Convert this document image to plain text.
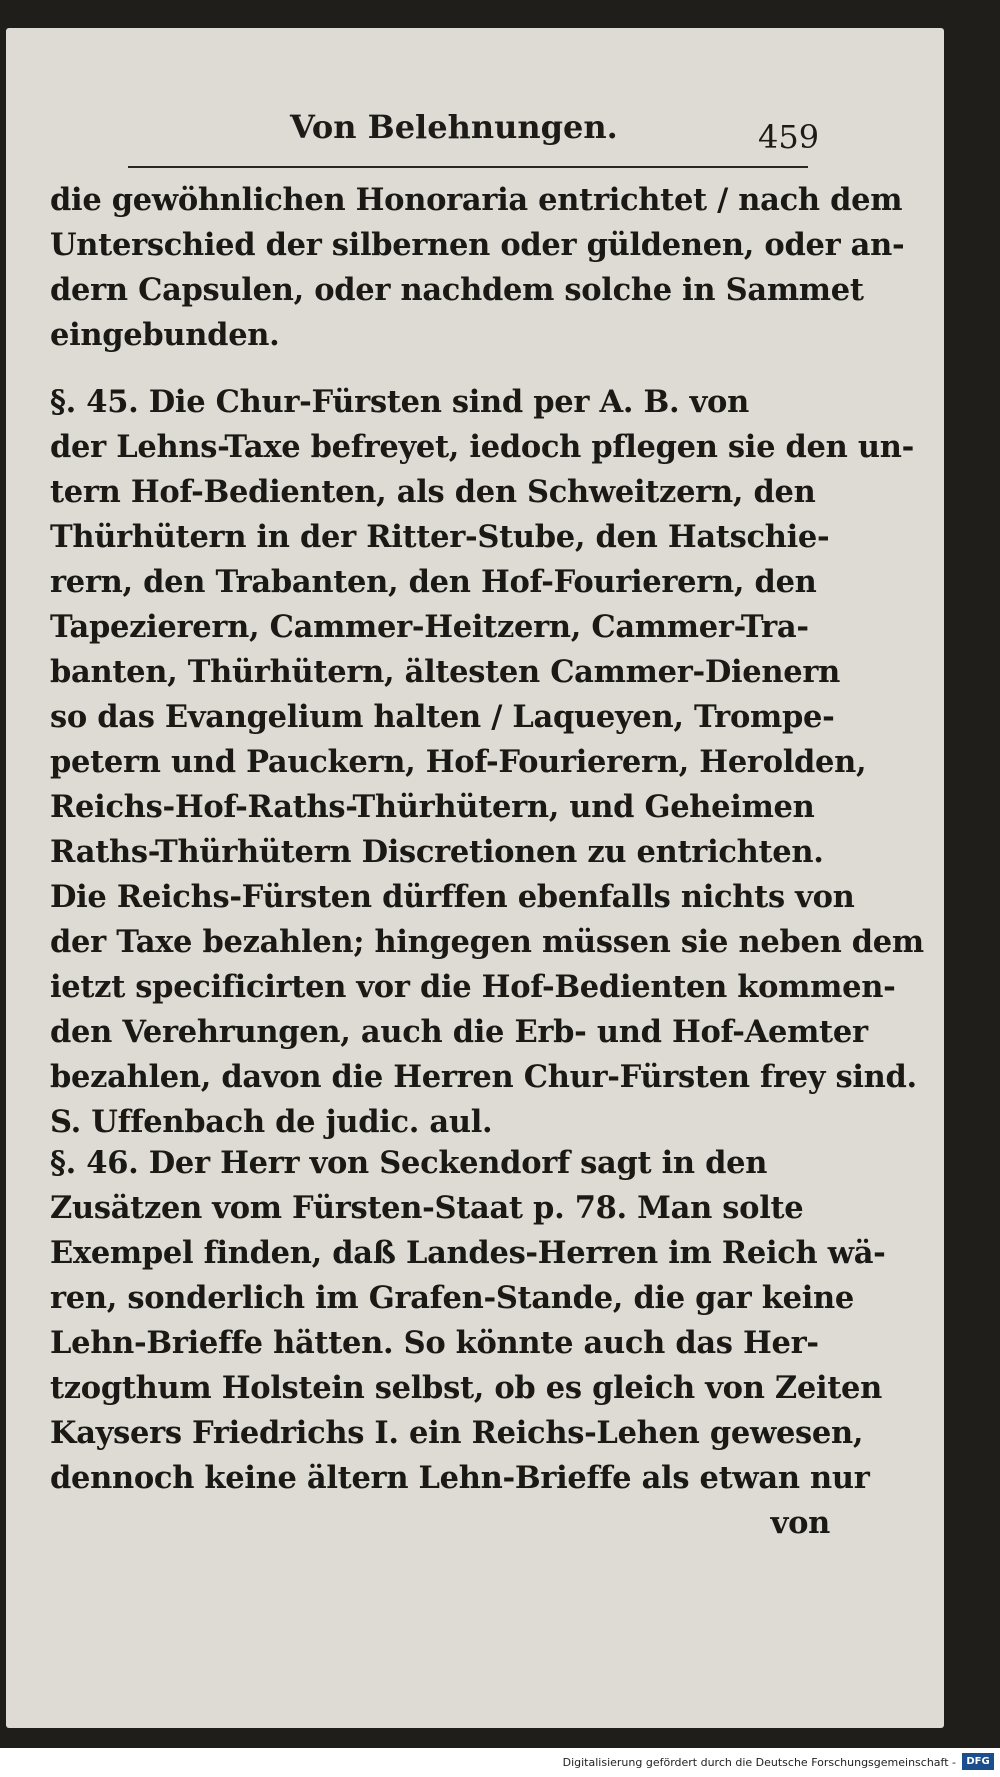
Von Belehnungen.	459
die gewöhnlichen Honoraria entrichtet / nach dem
Unterschied der silbernen oder güldenen, oder an-
dern Capsulen, oder nachdem solche in Sammet
eingebunden.
§. 45. Die Chur-Fürsten sind per A. B. von
der Lehns-Taxe befreyet, iedoch pflegen sie den un-
tern Hof-Bedienten, als den Schweitzern, den
Thürhütern in der Ritter-Stube, den Hatschie-
rern, den Trabanten, den Hof-Fourierern, den
Tapezierern, Cammer-Heitzern, Cammer-Tra-
banten, Thürhütern, ältesten Cammer-Dienern
so das Evangelium halten / Laqueyen, Trompe-
petern und Pauckern, Hof-Fourierern, Herolden,
Reichs-Hof-Raths-Thürhütern, und Geheimen
Raths-Thürhütern Discretionen zu entrichten.
Die Reichs-Fürsten dürffen ebenfalls nichts von
der Taxe bezahlen; hingegen müssen sie neben dem
ietzt specificirten vor die Hof-Bedienten kommen-
den Verehrungen, auch die Erb- und Hof-Aemter
bezahlen, davon die Herren Chur-Fürsten frey sind.
S. Uffenbach de judic. aul.
§. 46. Der Herr von Seckendorf sagt in den
Zusätzen vom Fürsten-Staat p. 78. Man solte
Exempel finden, daß Landes-Herren im Reich wä-
ren, sonderlich im Grafen-Stande, die gar keine
Lehn-Brieffe hätten. So könnte auch das Her-
tzogthum Holstein selbst, ob es gleich von Zeiten
Kaysers Friedrichs I. ein Reichs-Lehen gewesen,
dennoch keine ältern Lehn-Brieffe als etwan nur
von
Digitalisierung gefördert durch die Deutsche Forschungsgemeinschaft -	DFG
